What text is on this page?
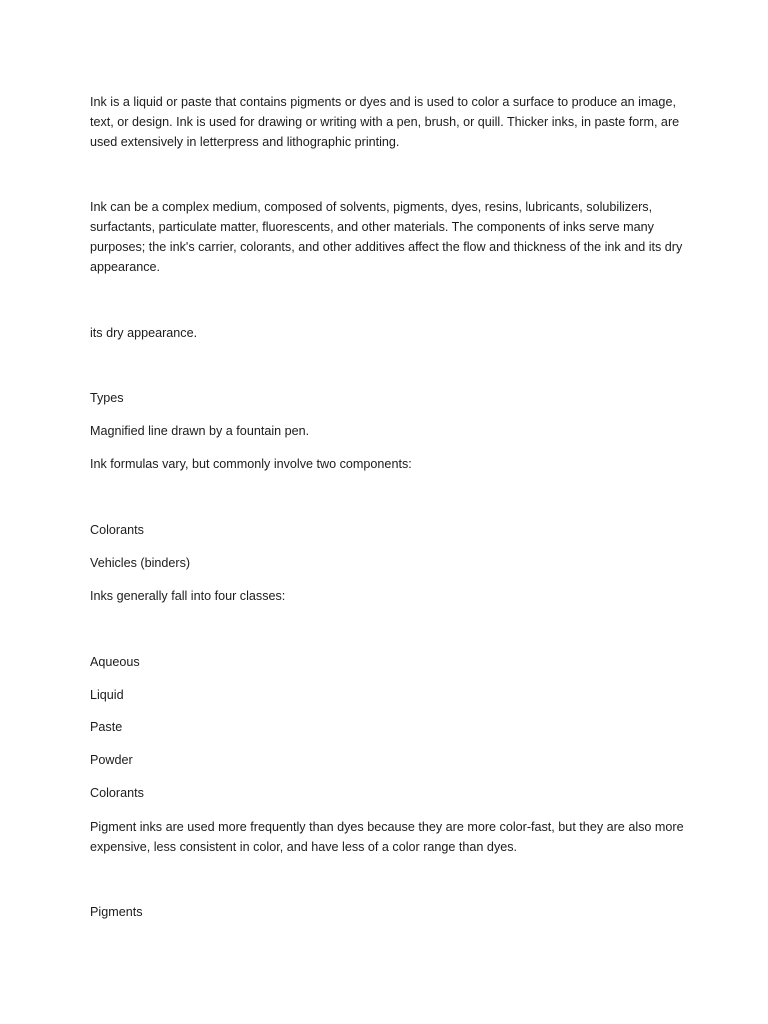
Ink is a liquid or paste that contains pigments or dyes and is used to color a surface to produce an image, text, or design. Ink is used for drawing or writing with a pen, brush, or quill. Thicker inks, in paste form, are used extensively in letterpress and lithographic printing.

Ink can be a complex medium, composed of solvents, pigments, dyes, resins, lubricants, solubilizers, surfactants, particulate matter, fluorescents, and other materials. The components of inks serve many purposes; the ink's carrier, colorants, and other additives affect the flow and thickness of the ink and its dry appearance.

its dry appearance.

Types

Magnified line drawn by a fountain pen.

Ink formulas vary, but commonly involve two components:

Colorants

Vehicles (binders)

Inks generally fall into four classes:

Aqueous

Liquid

Paste

Powder

Colorants

Pigment inks are used more frequently than dyes because they are more color-fast, but they are also more expensive, less consistent in color, and have less of a color range than dyes.

Pigments
